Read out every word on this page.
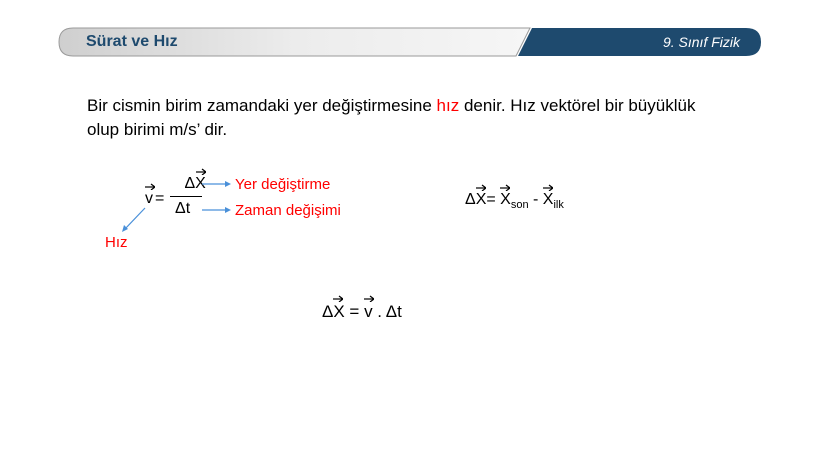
Sürat ve Hız	9. Sınıf Fizik
Bir cismin birim zamandaki yer değiştirmesine hız denir. Hız vektörel bir büyüklük olup birimi m/s’ dir.
v =
ΔX
Δt
Yer değiştirme
Zaman değişimi
Hız
Δ
X=
$X_{son}$ -
$X_{ilk}$
Δ
X =
v . Δt
